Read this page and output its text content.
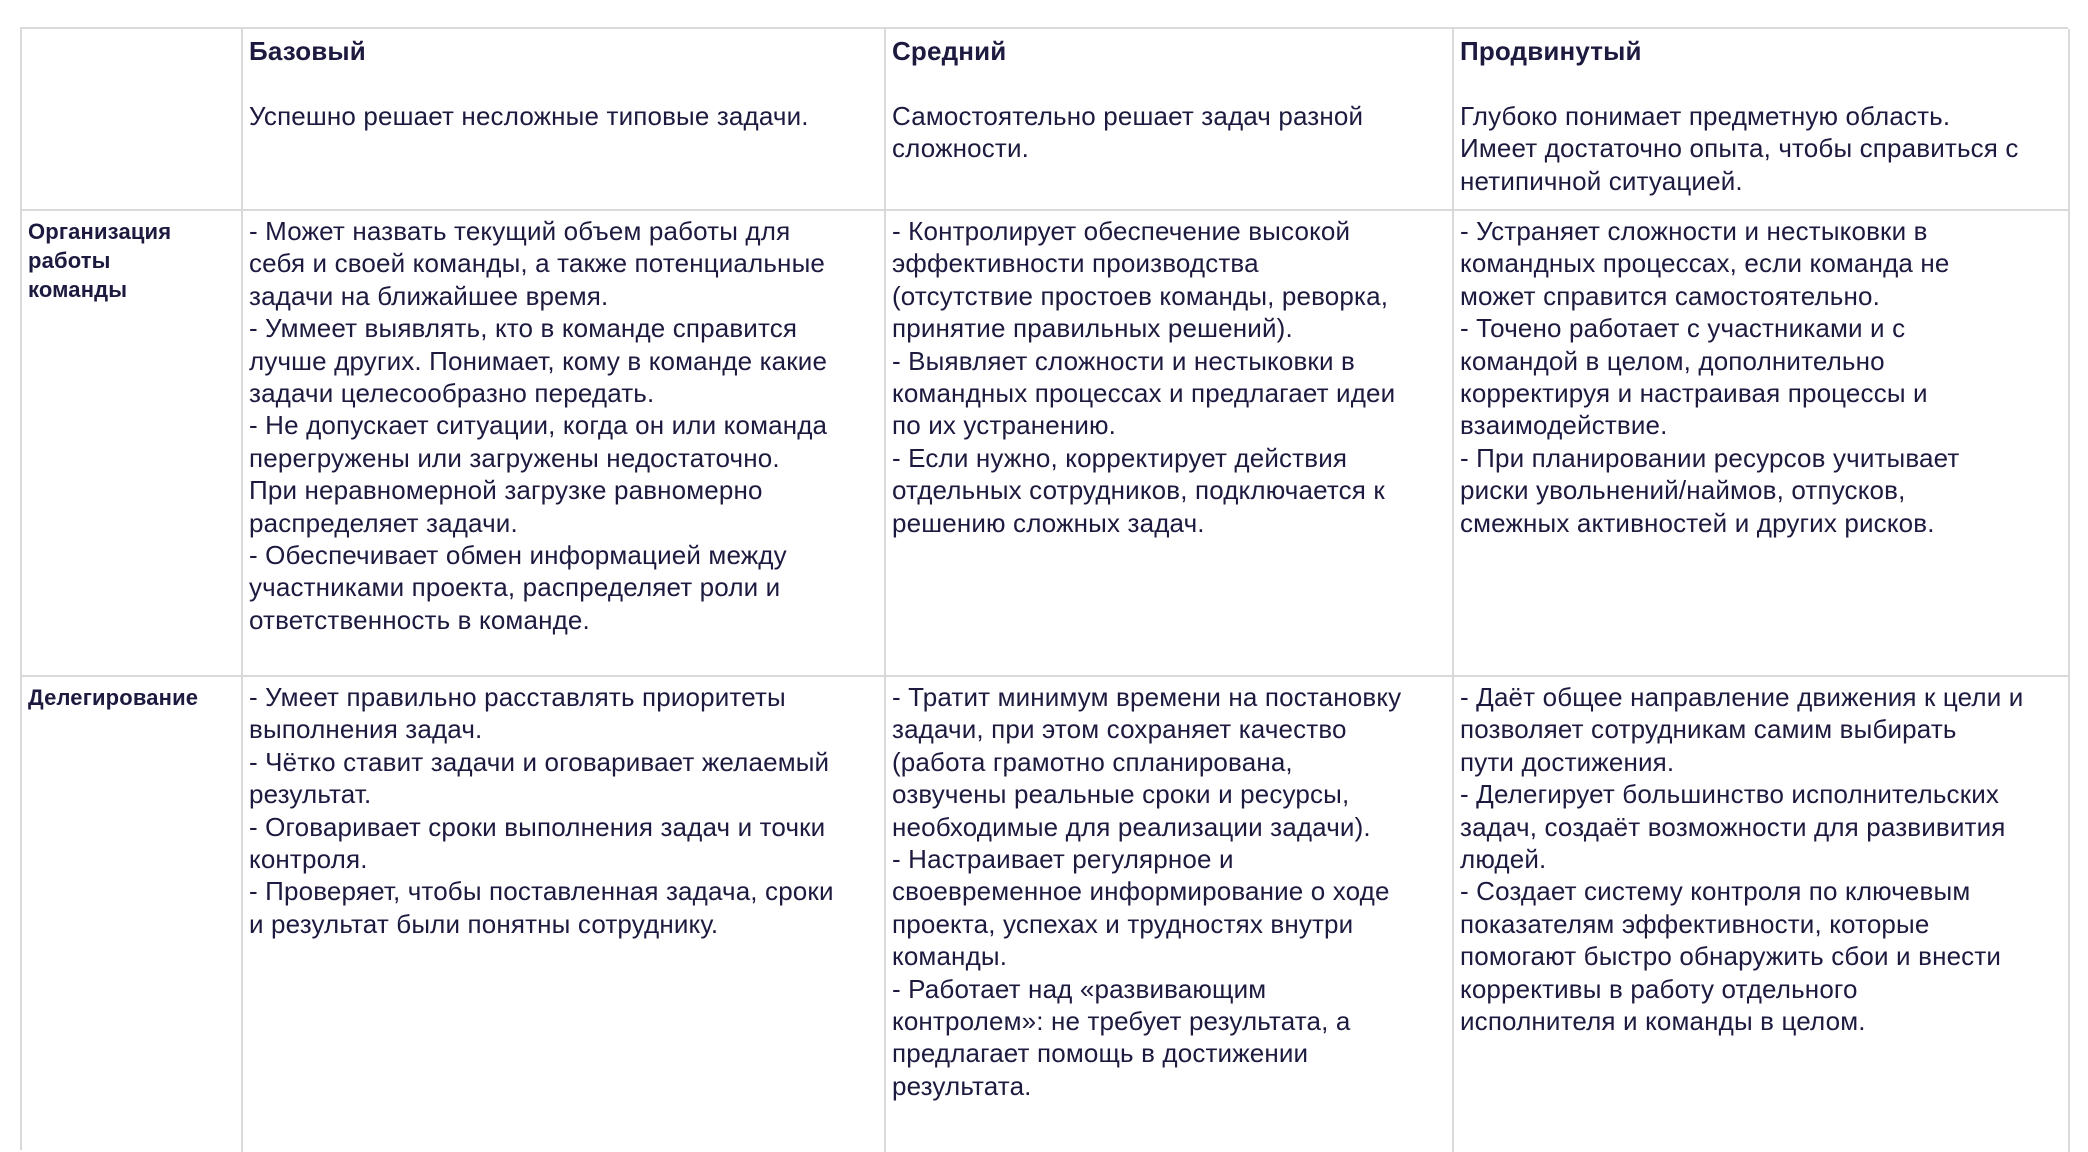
Базовый
Успешно решает несложные типовые задачи.
Средний
Самостоятельно решает задач разной
сложности.
Продвинутый
Глубоко понимает предметную область.
Имеет достаточно опыта, чтобы справиться с
нетипичной ситуацией.
Организация
работы
команды
- Может назвать текущий объем работы для
себя и своей команды, а также потенциальные
задачи на ближайшее время.
- Уммеет выявлять, кто в команде справится
лучше других. Понимает, кому в команде какие
задачи целесообразно передать.
- Не допускает ситуации, когда он или команда
перегружены или загружены недостаточно.
При неравномерной загрузке равномерно
распределяет задачи.
- Обеспечивает обмен информацией между
участниками проекта, распределяет роли и
ответственность в команде.
- Контролирует обеспечение высокой
эффективности производства
(отсутствие простоев команды, реворка,
принятие правильных решений).
- Выявляет сложности и нестыковки в
командных процессах и предлагает идеи
по их устранению.
- Если нужно, корректирует действия
отдельных сотрудников, подключается к
решению сложных задач.
- Устраняет сложности и нестыковки в
командных процессах, если команда не
может справится самостоятельно.
- Точено работает с участниками и с
командой в целом, дополнительно
корректируя и настраивая процессы и
взаимодействие.
- При планировании ресурсов учитывает
риски увольнений/наймов, отпусков,
смежных активностей и других рисков.
Делегирование	- Умеет правильно расставлять приоритеты
выполнения задач.
- Чётко ставит задачи и оговаривает желаемый
результат.
- Оговаривает сроки выполнения задач и точки
контроля.
- Проверяет, чтобы поставленная задача, сроки
и результат были понятны сотруднику.
- Тратит минимум времени на постановку
задачи, при этом сохраняет качество
(работа грамотно спланирована,
озвучены реальные сроки и ресурсы,
необходимые для реализации задачи).
- Настраивает регулярное и
своевременное информирование о ходе
проекта, успехах и трудностях внутри
команды.
- Работает над «развивающим
контролем»: не требует результата, а
предлагает помощь в достижении
результата.
- Даёт общее направление движения к цели и
позволяет сотрудникам самим выбирать
пути достижения.
- Делегирует большинство исполнительских
задач, создаёт возможности для развивития
людей.
- Создает систему контроля по ключевым
показателям эффективности, которые
помогают быстро обнаружить сбои и внести
коррективы в работу отдельного
исполнителя и команды в целом.
